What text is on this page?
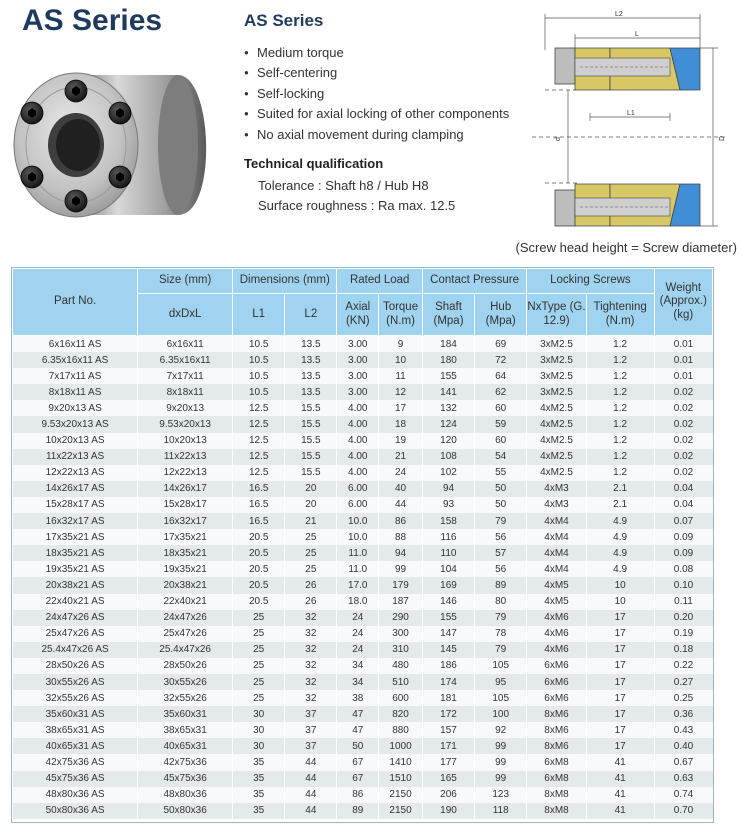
AS Series	AS Series
● Medium torque
● Self-centering
● Self-locking
● Suited for axial locking of other components
● No axial movement during clamping
Technical qualification
Tolerance : Shaft h8 / Hub H8
Surface roughness : Ra max. 12.5
L2
L
L1
d	D
(Screw head height = Screw diameter)
Part No.	Size (mm)	Dimensions (mm)		Rated Load		Contact Pressure		Locking Screws		Weight (Approx.) (kg)
	dxDxL	L1	L2	Axial (KN)	Torque (N.m)	Shaft (Mpa)	Hub (Mpa)	NxType (G. 12.9)	Tightening (N.m)	
6x16x11 AS	6x16x11	10.5	13.5	3.00	9	184	69	3xM2.5	1.2	0.01
6.35x16x11 AS	6.35x16x11	10.5	13.5	3.00	10	180	72	3xM2.5	1.2	0.01
7x17x11 AS	7x17x11	10.5	13.5	3.00	11	155	64	3xM2.5	1.2	0.01
8x18x11 AS	8x18x11	10.5	13.5	3.00	12	141	62	3xM2.5	1.2	0.02
9x20x13 AS	9x20x13	12.5	15.5	4.00	17	132	60	4xM2.5	1.2	0.02
9.53x20x13 AS	9.53x20x13	12.5	15.5	4.00	18	124	59	4xM2.5	1.2	0.02
10x20x13 AS	10x20x13	12.5	15.5	4.00	19	120	60	4xM2.5	1.2	0.02
11x22x13 AS	11x22x13	12.5	15.5	4.00	21	108	54	4xM2.5	1.2	0.02
12x22x13 AS	12x22x13	12.5	15.5	4.00	24	102	55	4xM2.5	1.2	0.02
14x26x17 AS	14x26x17	16.5	20	6.00	40	94	50	4xM3	2.1	0.04
15x28x17 AS	15x28x17	16.5	20	6.00	44	93	50	4xM3	2.1	0.04
16x32x17 AS	16x32x17	16.5	21	10.0	86	158	79	4xM4	4.9	0.07
17x35x21 AS	17x35x21	20.5	25	10.0	88	116	56	4xM4	4.9	0.09
18x35x21 AS	18x35x21	20.5	25	11.0	94	110	57	4xM4	4.9	0.09
19x35x21 AS	19x35x21	20.5	25	11.0	99	104	56	4xM4	4.9	0.08
20x38x21 AS	20x38x21	20.5	26	17.0	179	169	89	4xM5	10	0.10
22x40x21 AS	22x40x21	20.5	26	18.0	187	146	80	4xM5	10	0.11
24x47x26 AS	24x47x26	25	32	24	290	155	79	4xM6	17	0.20
25x47x26 AS	25x47x26	25	32	24	300	147	78	4xM6	17	0.19
25.4x47x26 AS	25.4x47x26	25	32	24	310	145	79	4xM6	17	0.18
28x50x26 AS	28x50x26	25	32	34	480	186	105	6xM6	17	0.22
30x55x26 AS	30x55x26	25	32	34	510	174	95	6xM6	17	0.27
32x55x26 AS	32x55x26	25	32	38	600	181	105	6xM6	17	0.25
35x60x31 AS	35x60x31	30	37	47	820	172	100	8xM6	17	0.36
38x65x31 AS	38x65x31	30	37	47	880	157	92	8xM6	17	0.43
40x65x31 AS	40x65x31	30	37	50	1000	171	99	8xM6	17	0.40
42x75x36 AS	42x75x36	35	44	67	1410	177	99	6xM8	41	0.67
45x75x36 AS	45x75x36	35	44	67	1510	165	99	6xM8	41	0.63
48x80x36 AS	48x80x36	35	44	86	2150	206	123	8xM8	41	0.74
50x80x36 AS	50x80x36	35	44	89	2150	190	118	8xM8	41	0.70
